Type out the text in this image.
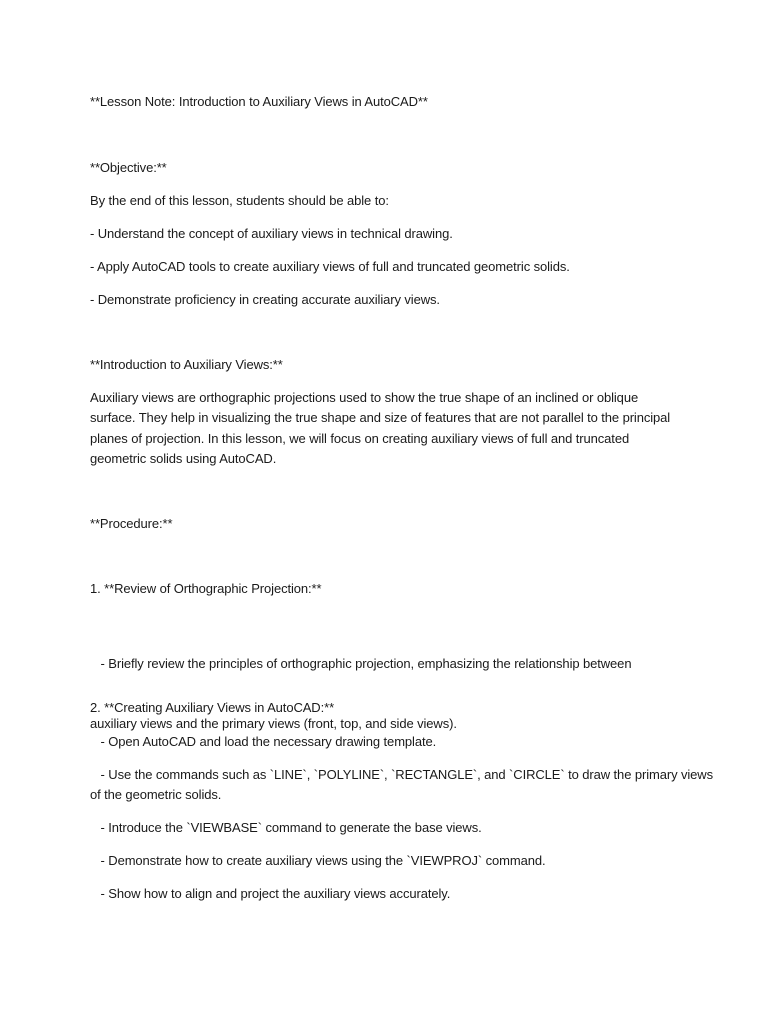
**Lesson Note: Introduction to Auxiliary Views in AutoCAD**
**Objective:**
By the end of this lesson, students should be able to:
- Understand the concept of auxiliary views in technical drawing.
- Apply AutoCAD tools to create auxiliary views of full and truncated geometric solids.
- Demonstrate proficiency in creating accurate auxiliary views.
**Introduction to Auxiliary Views:**
Auxiliary views are orthographic projections used to show the true shape of an inclined or oblique
surface. They help in visualizing the true shape and size of features that are not parallel to the principal
planes of projection. In this lesson, we will focus on creating auxiliary views of full and truncated
geometric solids using AutoCAD.
**Procedure:**
1. **Review of Orthographic Projection:**

- Briefly review the principles of orthographic projection, emphasizing the relationship between

auxiliary views and the primary views (front, top, and side views).

2. **Creating Auxiliary Views in AutoCAD:**
- Open AutoCAD and load the necessary drawing template.
- Use the commands such as `LINE`, `POLYLINE`, `RECTANGLE`, and `CIRCLE` to draw the primary views
of the geometric solids.
- Introduce the `VIEWBASE` command to generate the base views.
- Demonstrate how to create auxiliary views using the `VIEWPROJ` command.
- Show how to align and project the auxiliary views accurately.
